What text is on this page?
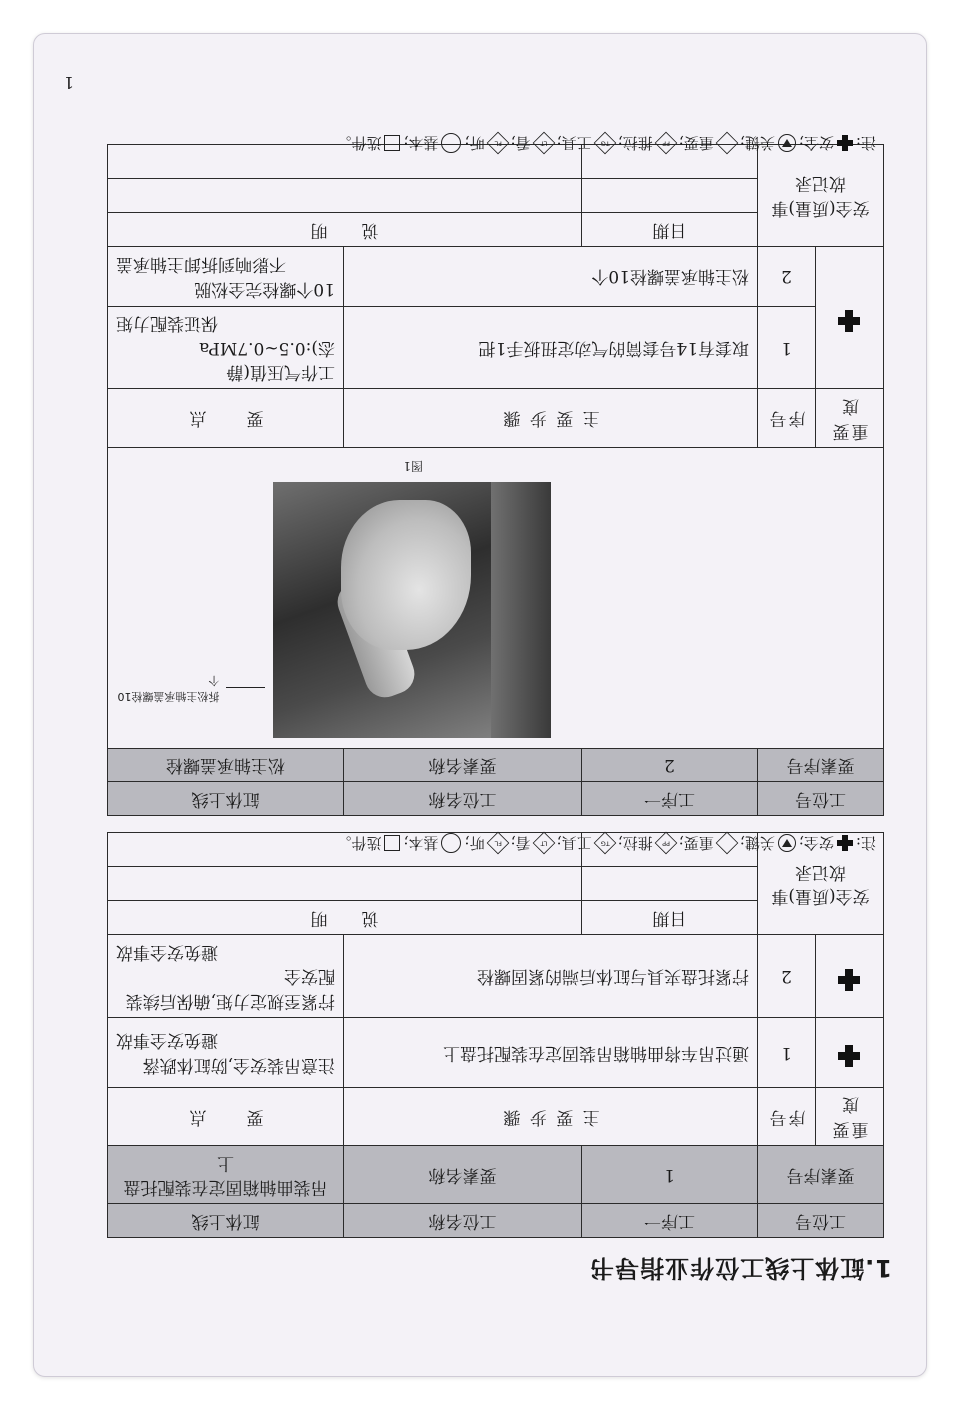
1.缸体上线工位作业指导书
工位号		工序一	工位名称	缸体上线
要素序号		1	要素名称	吊装曲轴箱固定在装配托盘上
重要度	序号	主 要 步 骤		要　　点
	1	通过吊车将曲轴箱吊装固定在装配托盘上		注意吊装安全,防缸体跌落
避免安全事故

	2	拧紧托盘夹具与缸体后端的紧固螺栓		拧紧至规定力矩,确保后续装配安全
避免安全事故

安全(质量)事故记录		日期	说　　明	

注:
安全;
关键;
重要;
PP
推拉;
TG
工具;
LT
看;
FL
听;
基本;
选件。
工位号		工序一	工位名称	缸体上线
要素序号		2	要素名称	松主轴承盖螺栓

拆松主轴承盖螺栓10个
图1				

重要度	序号	主 要 步 骤		要　　点
	1	取套有14号套筒的气动定扭扳手1把		工作气压值(静态):0.5~0.7MPa
保证装配力矩

	2	松主轴承盖螺栓10个		10个螺栓完全松脱
不影响到拆卸主轴承盖

安全(质量)事故记录		日期	说　　明	

注:
安全;
关键;
重要;
PP
推拉;
TG
工具;
LT
看;
FL
听;
基本;
选件。
1
